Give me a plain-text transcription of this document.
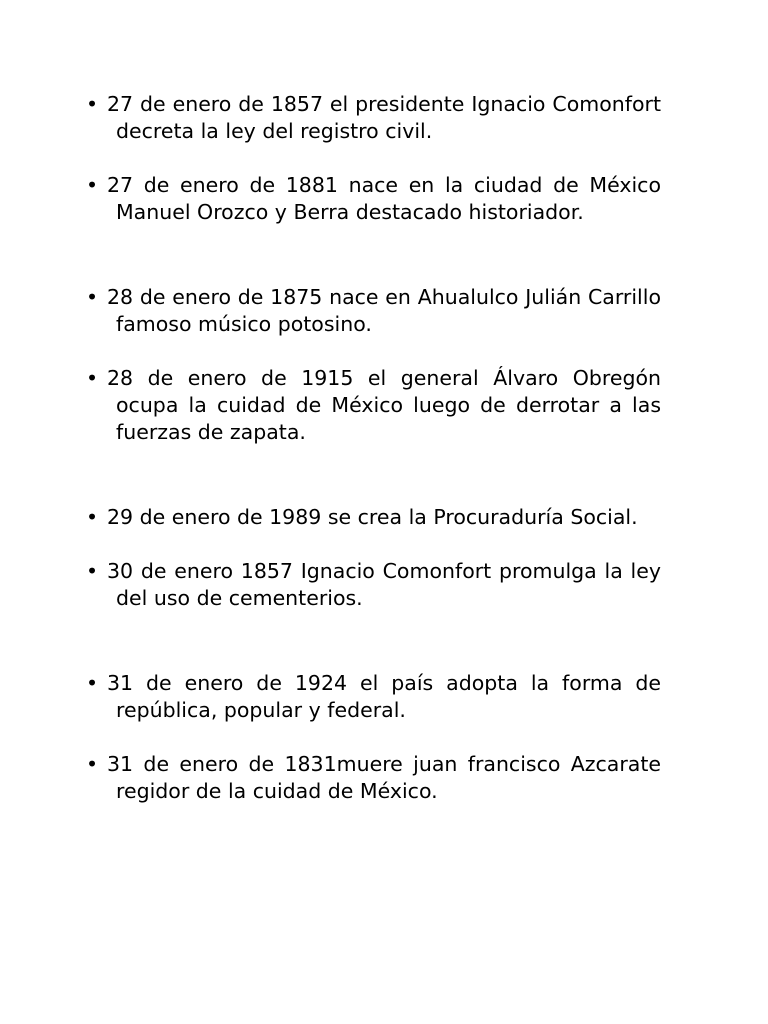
• 27 de enero de 1857 el presidente Ignacio Comonfort decreta la ley del registro civil.
• 27 de enero de 1881 nace en la ciudad de México Manuel Orozco y Berra destacado historiador.
• 28 de enero de 1875 nace en Ahualulco Julián Carrillo famoso músico potosino.
• 28 de enero de 1915 el general Álvaro Obregón ocupa la cuidad de México luego de derrotar a las fuerzas de zapata.
• 29 de enero de 1989 se crea la Procuraduría Social.
• 30 de enero 1857 Ignacio Comonfort promulga la ley del uso de cementerios.
• 31 de enero de 1924 el país adopta la forma de república, popular y federal.
• 31 de enero de 1831muere juan francisco Azcarate regidor de la cuidad de México.
